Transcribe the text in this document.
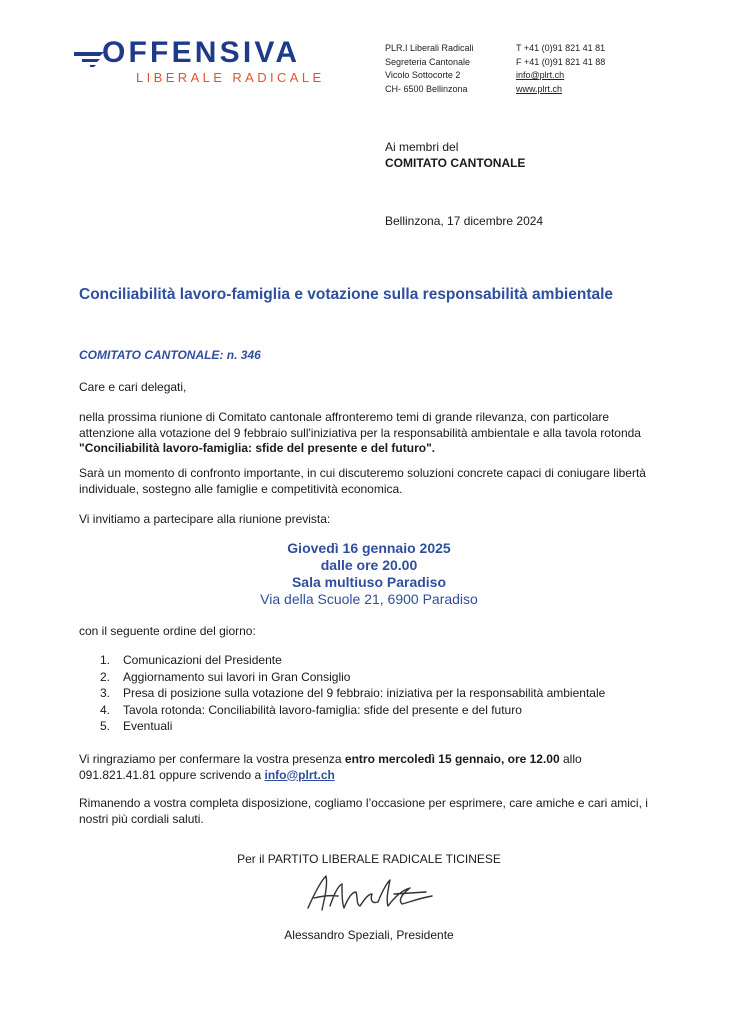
OFFENSIVA
LIBERALE RADICALE
PLR.I Liberali Radicali
Segreteria Cantonale
Vicolo Sottocorte 2
CH- 6500 Bellinzona
T +41 (0)91 821 41 81
F +41 (0)91 821 41 88
info@plrt.ch
www.plrt.ch
Ai membri del
COMITATO CANTONALE
Bellinzona, 17 dicembre 2024
Conciliabilità lavoro-famiglia e votazione sulla responsabilità ambientale
COMITATO CANTONALE: n. 346
Care e cari delegati,
nella prossima riunione di Comitato cantonale affronteremo temi di grande rilevanza, con particolare attenzione alla votazione del 9 febbraio sull'iniziativa per la responsabilità ambientale e alla tavola rotonda "Conciliabilità lavoro-famiglia: sfide del presente e del futuro".
Sarà un momento di confronto importante, in cui discuteremo soluzioni concrete capaci di coniugare libertà individuale, sostegno alle famiglie e competitività economica.
Vi invitiamo a partecipare alla riunione prevista:
Giovedì 16 gennaio 2025
dalle ore 20.00
Sala multiuso Paradiso
Via della Scuole 21, 6900 Paradiso
con il seguente ordine del giorno:
1.	Comunicazioni del Presidente
2.	Aggiornamento sui lavori in Gran Consiglio
3.	Presa di posizione sulla votazione del 9 febbraio: iniziativa per la responsabilità ambientale
4.	Tavola rotonda: Conciliabilità lavoro-famiglia: sfide del presente e del futuro
5.	Eventuali
Vi ringraziamo per confermare la vostra presenza entro mercoledì 15 gennaio, ore 12.00 allo 091.821.41.81 oppure scrivendo a info@plrt.ch
Rimanendo a vostra completa disposizione, cogliamo l’occasione per esprimere, care amiche e cari amici, i nostri più cordiali saluti.
Per il PARTITO LIBERALE RADICALE TICINESE
Alessandro Speziali, Presidente
